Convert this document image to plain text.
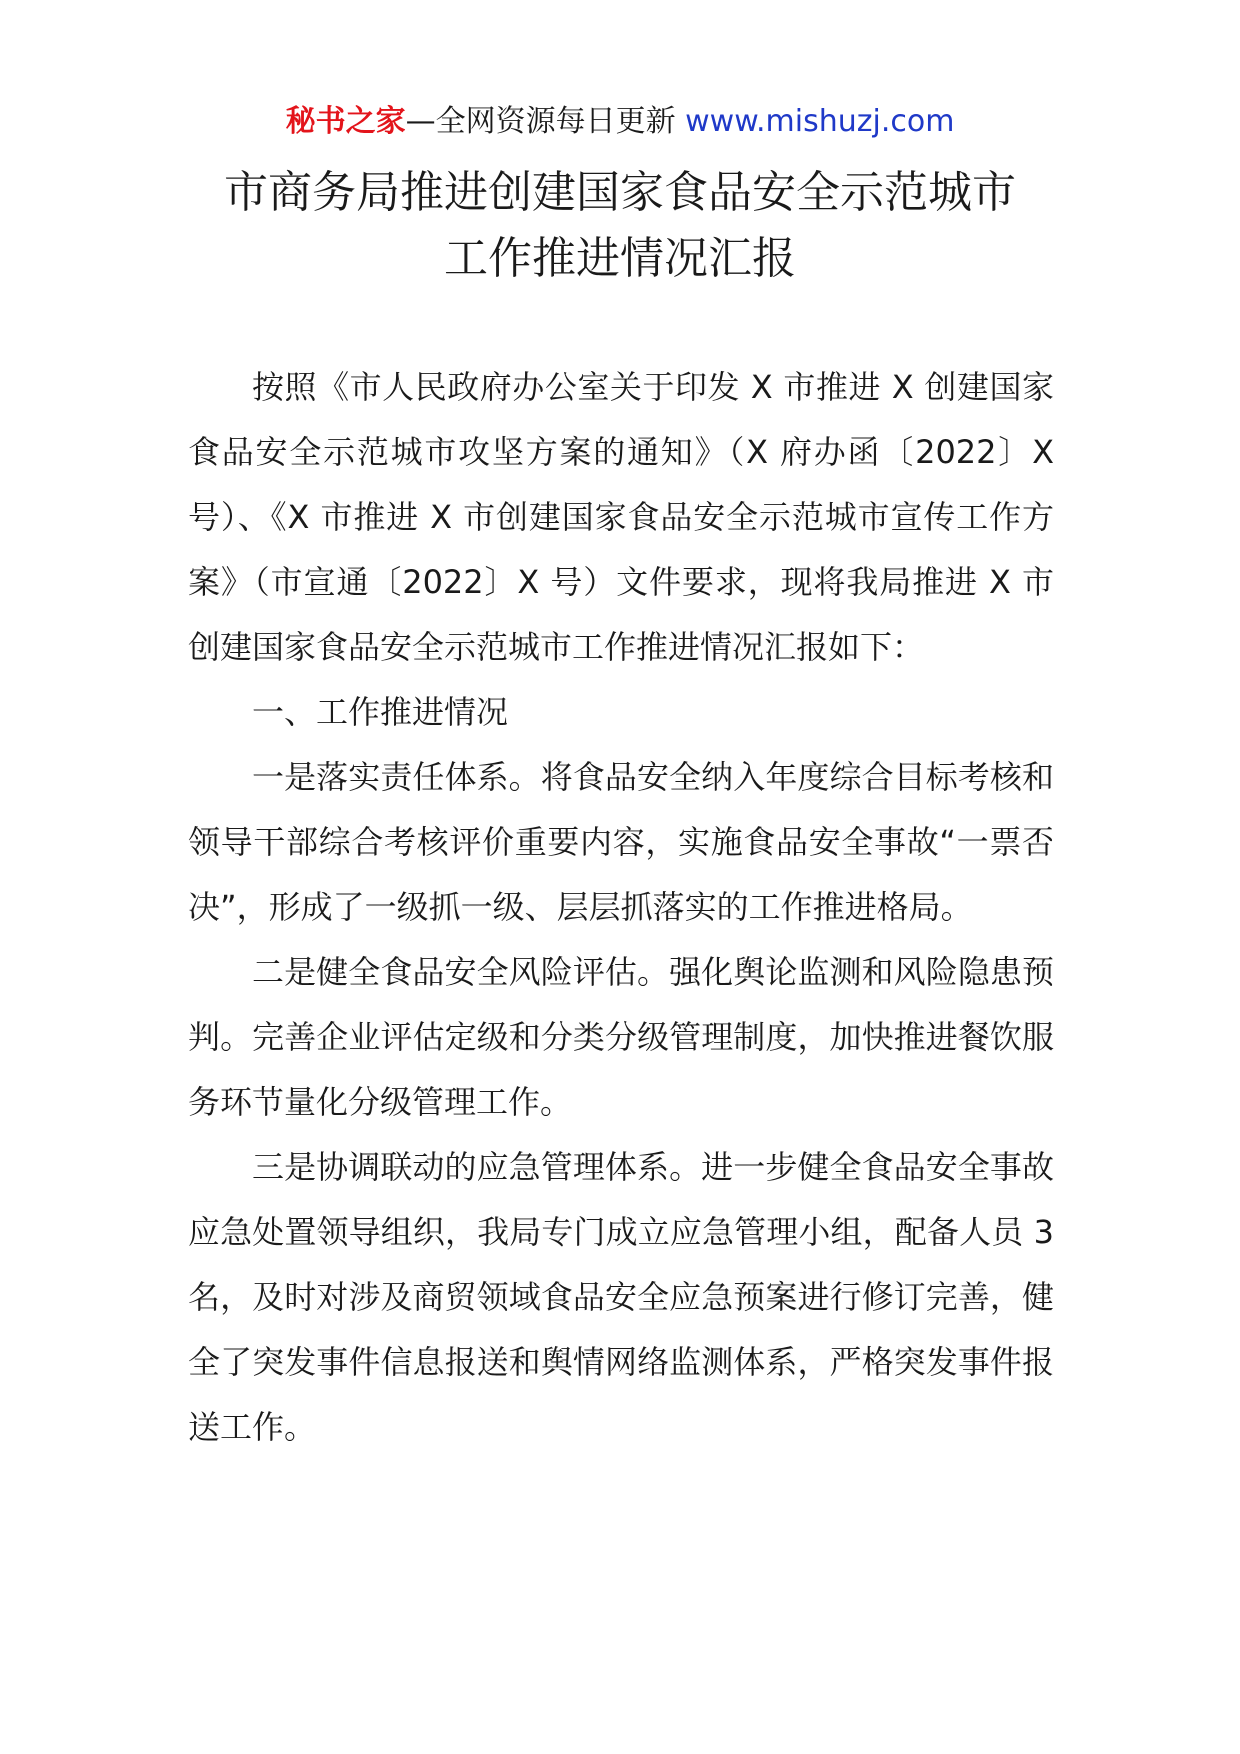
秘书之家—全网资源每日更新 www.mishuzj.com
市商务局推进创建国家食品安全示范城市
工作推进情况汇报

按照《市人民政府办公室关于印发 X 市推进 X 创建国家食品安全示范城市攻坚方案的通知》（X 府办函〔2022〕X 号）、《X 市推进 X 市创建国家食品安全示范城市宣传工作方案》（市宣通〔2022〕X 号）文件要求，现将我局推进 X 市创建国家食品安全示范城市工作推进情况汇报如下：

一、工作推进情况

一是落实责任体系。将食品安全纳入年度综合目标考核和领导干部综合考核评价重要内容，实施食品安全事故“一票否决”，形成了一级抓一级、层层抓落实的工作推进格局。

二是健全食品安全风险评估。强化舆论监测和风险隐患预判。完善企业评估定级和分类分级管理制度，加快推进餐饮服务环节量化分级管理工作。

三是协调联动的应急管理体系。进一步健全食品安全事故应急处置领导组织，我局专门成立应急管理小组，配备人员 3 名，及时对涉及商贸领域食品安全应急预案进行修订完善，健全了突发事件信息报送和舆情网络监测体系，严格突发事件报送工作。
